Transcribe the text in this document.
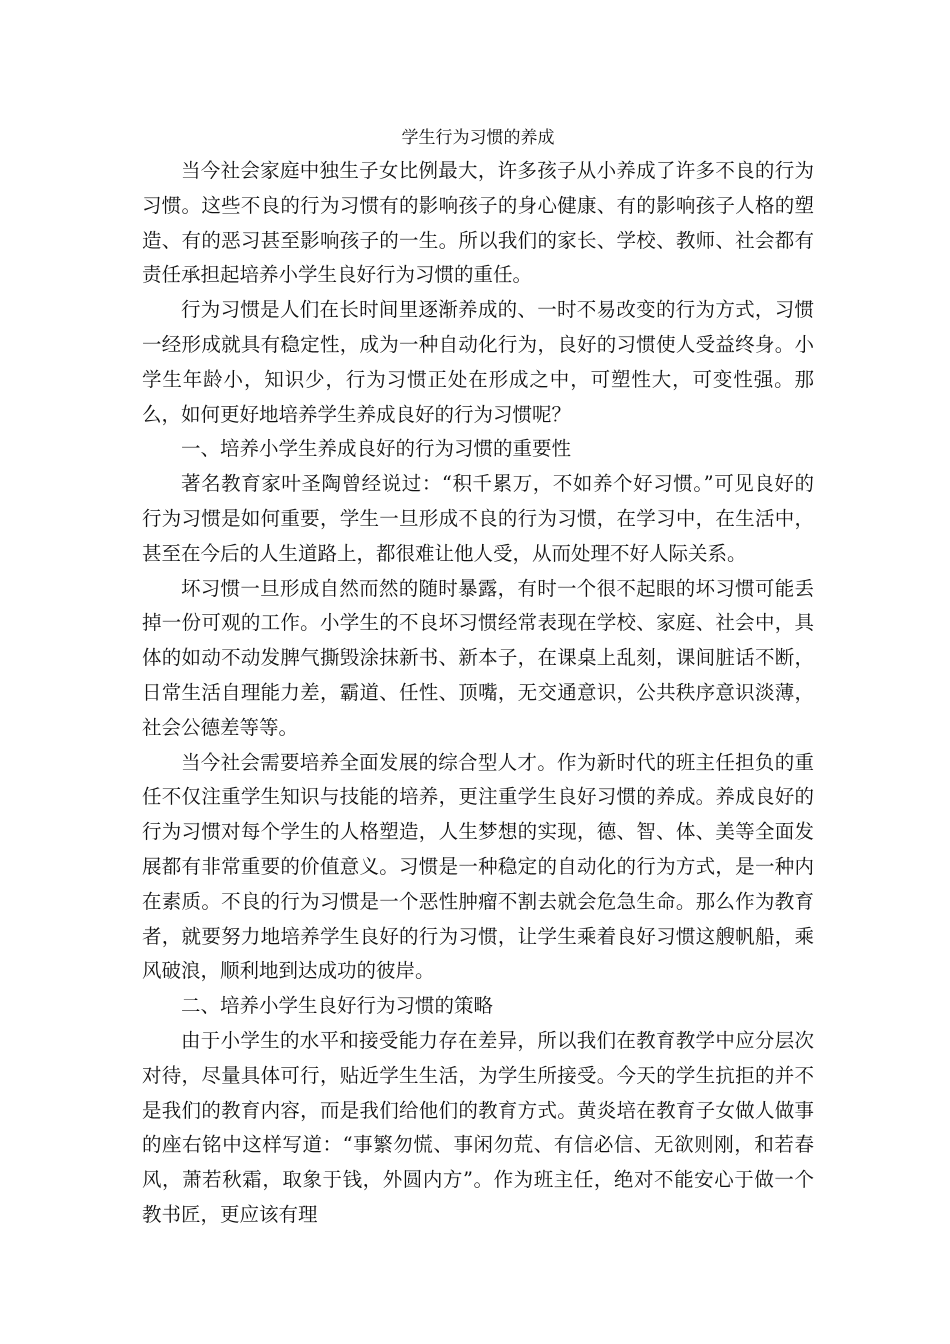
学生行为习惯的养成

当今社会家庭中独生子女比例最大，许多孩子从小养成了许多不良的行为习惯。这些不良的行为习惯有的影响孩子的身心健康、有的影响孩子人格的塑造、有的恶习甚至影响孩子的一生。所以我们的家长、学校、教师、社会都有责任承担起培养小学生良好行为习惯的重任。

行为习惯是人们在长时间里逐渐养成的、一时不易改变的行为方式，习惯一经形成就具有稳定性，成为一种自动化行为，良好的习惯使人受益终身。小学生年龄小，知识少，行为习惯正处在形成之中，可塑性大，可变性强。那么，如何更好地培养学生养成良好的行为习惯呢？

一、培养小学生养成良好的行为习惯的重要性

著名教育家叶圣陶曾经说过：“积千累万，不如养个好习惯。”可见良好的行为习惯是如何重要，学生一旦形成不良的行为习惯，在学习中，在生活中，甚至在今后的人生道路上，都很难让他人受，从而处理不好人际关系。

坏习惯一旦形成自然而然的随时暴露，有时一个很不起眼的坏习惯可能丢掉一份可观的工作。小学生的不良坏习惯经常表现在学校、家庭、社会中，具体的如动不动发脾气撕毁涂抹新书、新本子，在课桌上乱刻，课间脏话不断，日常生活自理能力差，霸道、任性、顶嘴，无交通意识，公共秩序意识淡薄，社会公德差等等。

当今社会需要培养全面发展的综合型人才。作为新时代的班主任担负的重任不仅注重学生知识与技能的培养，更注重学生良好习惯的养成。养成良好的行为习惯对每个学生的人格塑造，人生梦想的实现，德、智、体、美等全面发展都有非常重要的价值意义。习惯是一种稳定的自动化的行为方式，是一种内在素质。不良的行为习惯是一个恶性肿瘤不割去就会危急生命。那么作为教育者，就要努力地培养学生良好的行为习惯，让学生乘着良好习惯这艘帆船，乘风破浪，顺利地到达成功的彼岸。

二、培养小学生良好行为习惯的策略

由于小学生的水平和接受能力存在差异，所以我们在教育教学中应分层次对待，尽量具体可行，贴近学生生活，为学生所接受。今天的学生抗拒的并不是我们的教育内容，而是我们给他们的教育方式。黄炎培在教育子女做人做事的座右铭中这样写道：“事繁勿慌、事闲勿荒、有信必信、无欲则刚，和若春风，萧若秋霜，取象于钱，外圆内方”。作为班主任，绝对不能安心于做一个教书匠，更应该有理
